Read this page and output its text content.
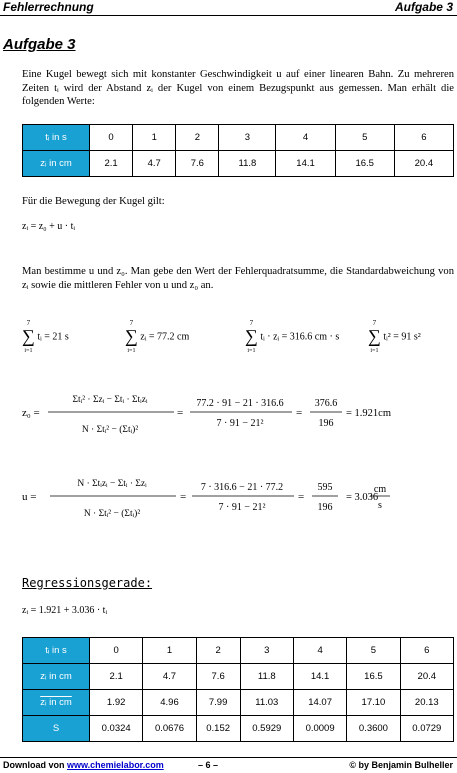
Fehlerrechnung	Aufgabe 3
Aufgabe 3
Eine Kugel bewegt sich mit konstanter Geschwindigkeit u auf einer linearen Bahn. Zu mehreren Zeiten tᵢ wird der Abstand zᵢ der Kugel von einem Bezugspunkt aus gemessen. Man erhält die folgenden Werte:
tᵢ in s	0	1	2	3	4	5	6
zᵢ in cm	2.1	4.7	7.6	11.8	14.1	16.5	20.4
Für die Bewegung der Kugel gilt:
zᵢ = z₀ + u · tᵢ
Man bestimme u und z₀. Man gebe den Wert der Fehlerquadratsumme, die Standardabweichung von zᵢ sowie die mittleren Fehler von u und z₀ an.
7
∑
i=1 tᵢ = 21 s
7
∑
i=1 zᵢ = 77.2 cm
7
∑
i=1 tᵢ · zᵢ = 316.6 cm · s
7
∑
i=1 tᵢ² = 91 s²
z₀ =
Σtᵢ² · Σzᵢ − Σtᵢ · Σtᵢzᵢ
N · Σtᵢ² − (Σtᵢ)²
=
77.2 · 91 − 21 · 316.6
7 · 91 − 21²
=
376.6
196
= 1.921cm
u =
N · Σtᵢzᵢ − Σtᵢ · Σzᵢ
N · Σtᵢ² − (Σtᵢ)²
=
7 · 316.6 − 21 · 77.2
7 · 91 − 21²
=
595
196
= 3.036
cm
s
Regressionsgerade:
zᵢ = 1.921 + 3.036 · tᵢ
tᵢ in s	0	1	2	3	4	5	6
zᵢ in cm	2.1	4.7	7.6	11.8	14.1	16.5	20.4
zᵢ in cm	1.92	4.96	7.99	11.03	14.07	17.10	20.13
S	0.0324	0.0676	0.152	0.5929	0.0009	0.3600	0.0729
Download von www.chemielabor.com	– 6 –	© by Benjamin Bulheller
